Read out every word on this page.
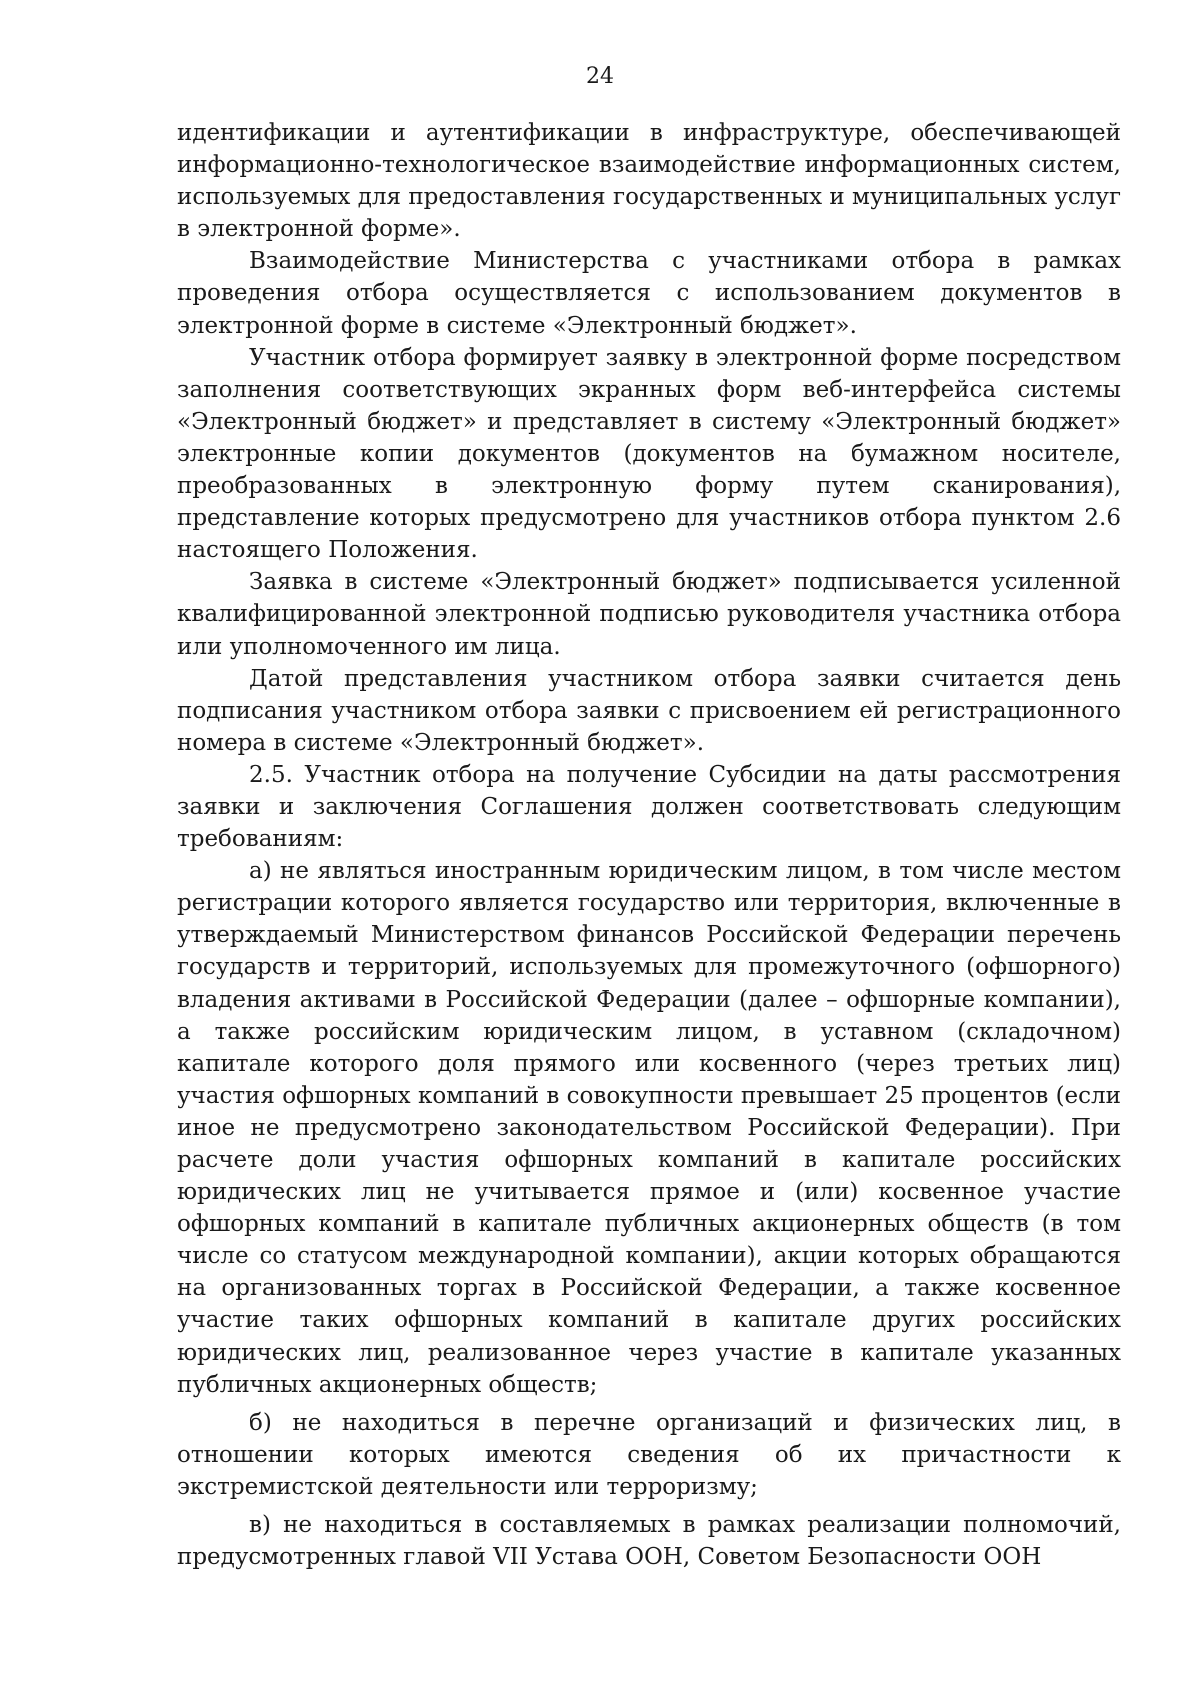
24

идентификации и аутентификации в инфраструктуре, обеспечивающей информационно-технологическое взаимодействие информационных систем, используемых для предоставления государственных и муниципальных услуг в электронной форме».

Взаимодействие Министерства с участниками отбора в рамках проведения отбора осуществляется с использованием документов в электронной форме в системе «Электронный бюджет».

Участник отбора формирует заявку в электронной форме посредством заполнения соответствующих экранных форм веб-интерфейса системы «Электронный бюджет» и представляет в систему «Электронный бюджет» электронные копии документов (документов на бумажном носителе, преобразованных в электронную форму путем сканирования), представление которых предусмотрено для участников отбора пунктом 2.6 настоящего Положения.

Заявка в системе «Электронный бюджет» подписывается усиленной квалифицированной электронной подписью руководителя участника отбора или уполномоченного им лица.

Датой представления участником отбора заявки считается день подписания участником отбора заявки с присвоением ей регистрационного номера в системе «Электронный бюджет».

2.5. Участник отбора на получение Субсидии на даты рассмотрения заявки и заключения Соглашения должен соответствовать следующим требованиям:

а) не являться иностранным юридическим лицом, в том числе местом регистрации которого является государство или территория, включенные в утверждаемый Министерством финансов Российской Федерации перечень государств и территорий, используемых для промежуточного (офшорного) владения активами в Российской Федерации (далее – офшорные компании), а также российским юридическим лицом, в уставном (складочном) капитале которого доля прямого или косвенного (через третьих лиц) участия офшорных компаний в совокупности превышает 25 процентов (если иное не предусмотрено законодательством Российской Федерации). При расчете доли участия офшорных компаний в капитале российских юридических лиц не учитывается прямое и (или) косвенное участие офшорных компаний в капитале публичных акционерных обществ (в том числе со статусом международной компании), акции которых обращаются на организованных торгах в Российской Федерации, а также косвенное участие таких офшорных компаний в капитале других российских юридических лиц, реализованное через участие в капитале указанных публичных акционерных обществ;

б) не находиться в перечне организаций и физических лиц, в отношении которых имеются сведения об их причастности к экстремистской деятельности или терроризму;

в) не находиться в составляемых в рамках реализации полномочий, предусмотренных главой VII Устава ООН, Советом Безопасности ООН
